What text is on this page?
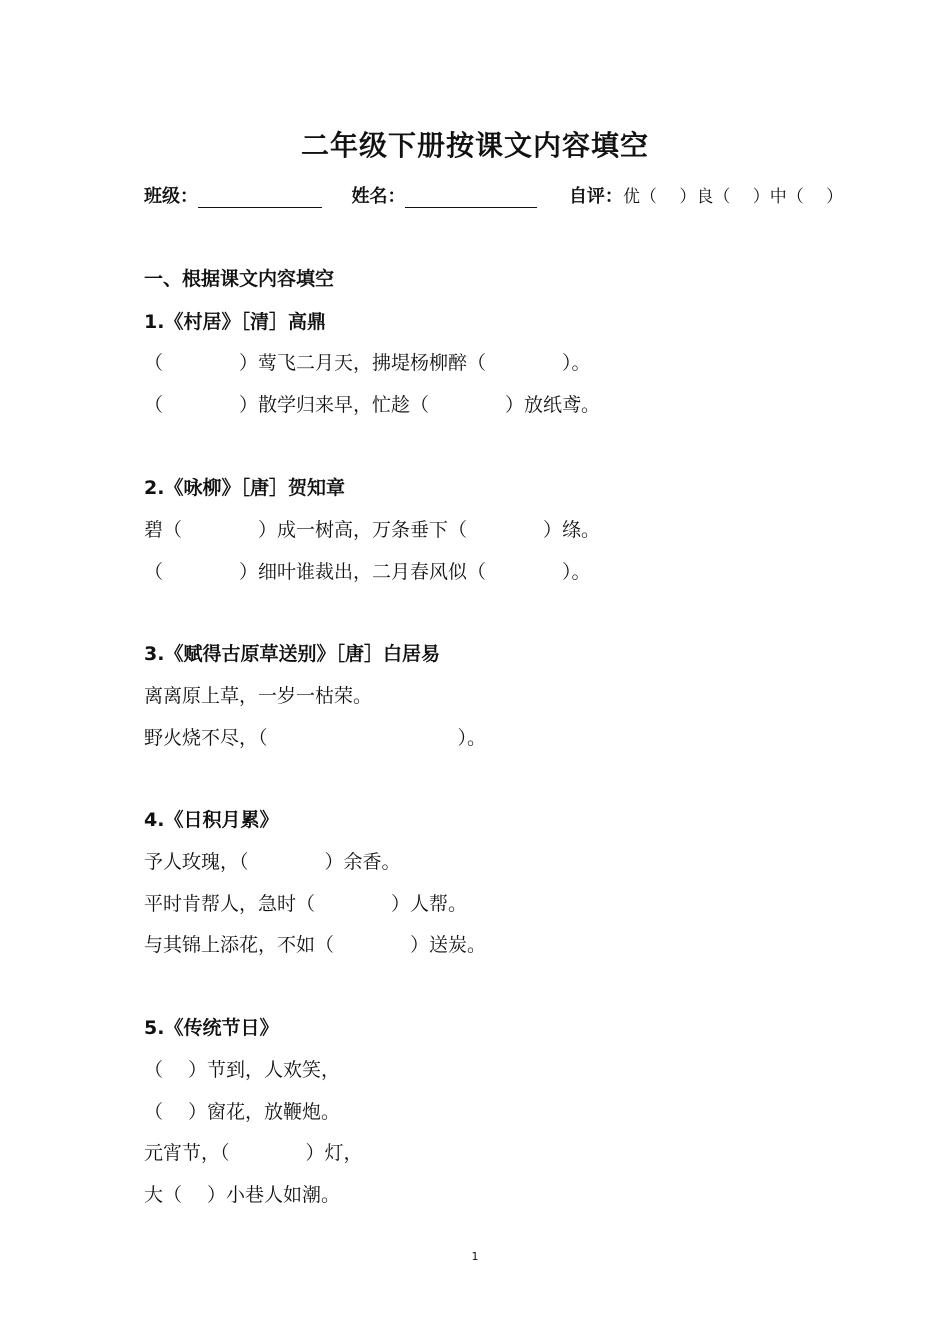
二年级下册按课文内容填空
班级：	姓名：	自评：优（　 ）良（　 ）中（　 ）
一、根据课文内容填空
1.《村居》［清］高鼎
（　　　　）莺飞二月天，拂堤杨柳醉（　　　　）。
（　　　　）散学归来早，忙趁（　　　　）放纸鸢。
2.《咏柳》［唐］贺知章
碧（　　　　）成一树高，万条垂下（　　　　）绦。
（　　　　）细叶谁裁出，二月春风似（　　　　）。
3.《赋得古原草送别》［唐］白居易
离离原上草，一岁一枯荣。
野火烧不尽，（　　　　　　　　　　）。
4.《日积月累》
予人玫瑰，（　　　　）余香。
平时肯帮人，急时（　　　　）人帮。
与其锦上添花，不如（　　　　）送炭。
5.《传统节日》
（　 ）节到，人欢笑，
（　 ）窗花，放鞭炮。
元宵节，（　　　　）灯，
大（　 ）小巷人如潮。
1
